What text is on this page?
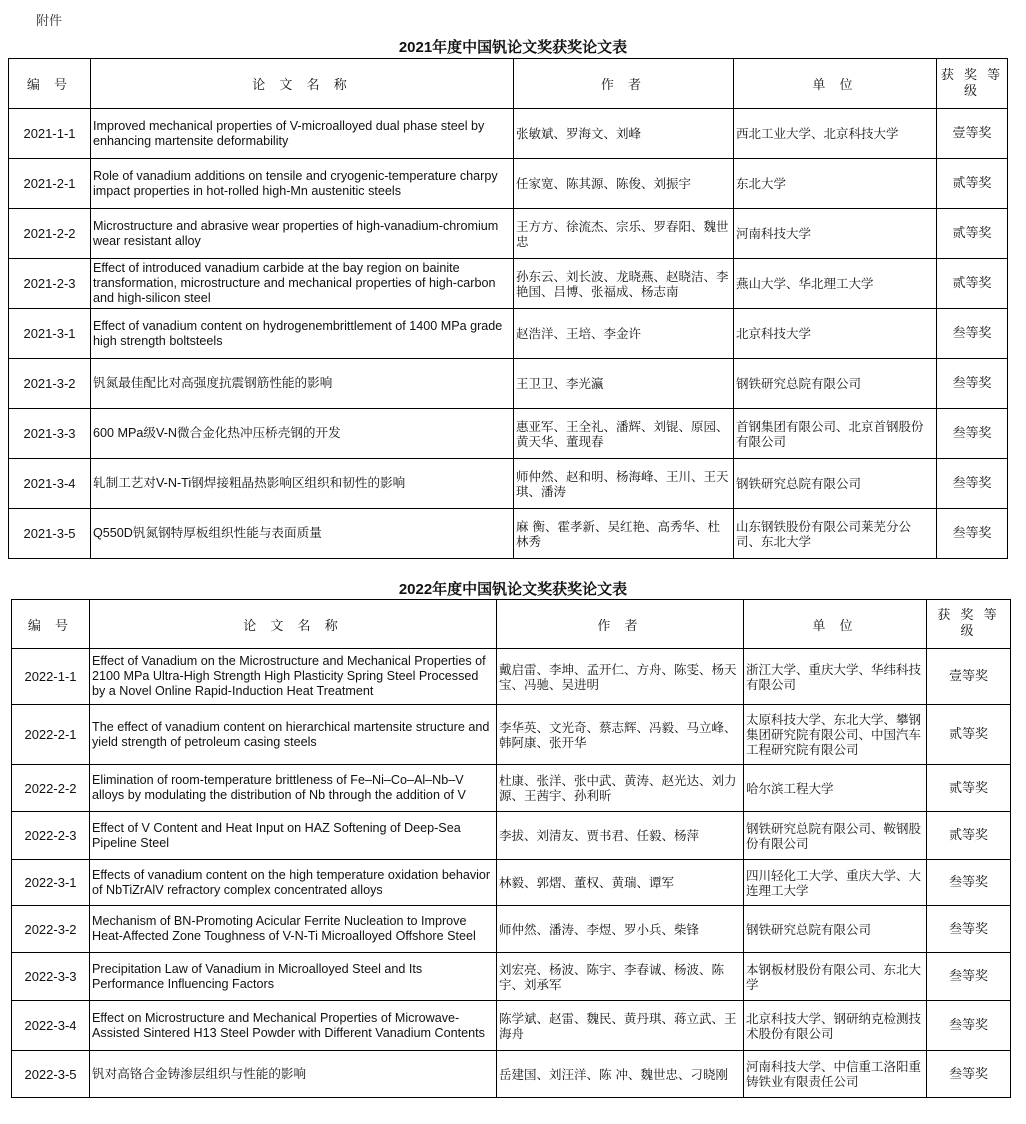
附件
2021年度中国钒论文奖获奖论文表
编 号	论 文 名 称	作 者	单 位	获 奖 等 级
2021-1-1	Improved mechanical properties of V-microalloyed dual phase steel by enhancing martensite deformability	张敏斌、罗海文、刘峰	西北工业大学、北京科技大学	壹等奖
2021-2-1	Role of vanadium additions on tensile and cryogenic-temperature charpy impact properties in hot-rolled high-Mn austenitic steels	任家宽、陈其源、陈俊、刘振宇	东北大学	贰等奖
2021-2-2	Microstructure and abrasive wear properties of high-vanadium-chromium wear resistant alloy	王方方、徐流杰、宗乐、罗春阳、魏世忠	河南科技大学	贰等奖
2021-2-3	Effect of introduced vanadium carbide at the bay region on bainite transformation, microstructure and mechanical properties of high-carbon and high-silicon steel	孙东云、刘长波、龙晓燕、赵晓洁、李艳国、吕博、张福成、杨志南	燕山大学、华北理工大学	贰等奖
2021-3-1	Effect of vanadium content on hydrogenembrittlement of 1400 MPa grade high strength boltsteels	赵浩洋、王培、李金许	北京科技大学	叁等奖
2021-3-2	钒氮最佳配比对高强度抗震钢筋性能的影响	王卫卫、李光瀛	钢铁研究总院有限公司	叁等奖
2021-3-3	600 MPa级V-N微合金化热冲压桥壳钢的开发	惠亚军、王全礼、潘辉、刘锟、原园、黄天华、董现春	首钢集团有限公司、北京首钢股份有限公司	叁等奖
2021-3-4	轧制工艺对V-N-Ti钢焊接粗晶热影响区组织和韧性的影响	师仲然、赵和明、杨海峰、王川、王天琪、潘涛	钢铁研究总院有限公司	叁等奖
2021-3-5	Q550D钒氮钢特厚板组织性能与表面质量	麻 衡、霍孝新、吴红艳、高秀华、杜林秀	山东钢铁股份有限公司莱芜分公司、东北大学	叁等奖
2022年度中国钒论文奖获奖论文表
编 号	论 文 名 称	作 者	单 位	获 奖 等 级
2022-1-1	Effect of Vanadium on the Microstructure and Mechanical Properties of 2100 MPa Ultra-High Strength High Plasticity Spring Steel Processed by a Novel Online Rapid-Induction Heat Treatment	戴启雷、李坤、孟开仁、方舟、陈雯、杨天宝、冯驰、吴进明	浙江大学、重庆大学、华纬科技有限公司	壹等奖
2022-2-1	The effect of vanadium content on hierarchical martensite structure and yield strength of petroleum casing steels	李华英、文光奇、蔡志辉、冯毅、马立峰、韩阿康、张开华	太原科技大学、东北大学、攀钢集团研究院有限公司、中国汽车工程研究院有限公司	贰等奖
2022-2-2	Elimination of room-temperature brittleness of Fe–Ni–Co–Al–Nb–V alloys by modulating the distribution of Nb through the addition of V	杜康、张洋、张中武、黄涛、赵光达、刘力源、王茜宇、孙利昕	哈尔滨工程大学	贰等奖
2022-2-3	Effect of V Content and Heat Input on HAZ Softening of Deep-Sea Pipeline Steel	李拔、刘清友、贾书君、任毅、杨萍	钢铁研究总院有限公司、鞍钢股份有限公司	贰等奖
2022-3-1	Effects of vanadium content on the high temperature oxidation behavior of NbTiZrAlV refractory complex concentrated alloys	林毅、郭熠、董权、黄瑞、谭军	四川轻化工大学、重庆大学、大连理工大学	叁等奖
2022-3-2	Mechanism of BN-Promoting Acicular Ferrite Nucleation to Improve Heat-Affected Zone Toughness of V-N-Ti Microalloyed Offshore Steel	师仲然、潘涛、李煜、罗小兵、柴锋	钢铁研究总院有限公司	叁等奖
2022-3-3	Precipitation Law of Vanadium in Microalloyed Steel and Its Performance Influencing Factors	刘宏亮、杨波、陈宇、李春诚、杨波、陈宇、刘承军	本钢板材股份有限公司、东北大学	叁等奖
2022-3-4	Effect on Microstructure and Mechanical Properties of Microwave-Assisted Sintered H13 Steel Powder with Different Vanadium Contents	陈学斌、赵雷、魏民、黄丹琪、蒋立武、王海舟	北京科技大学、钢研纳克检测技术股份有限公司	叁等奖
2022-3-5	钒对高铬合金铸渗层组织与性能的影响	岳建国、刘汪洋、陈 冲、魏世忠、刁晓刚	河南科技大学、中信重工洛阳重铸铁业有限责任公司	叁等奖
